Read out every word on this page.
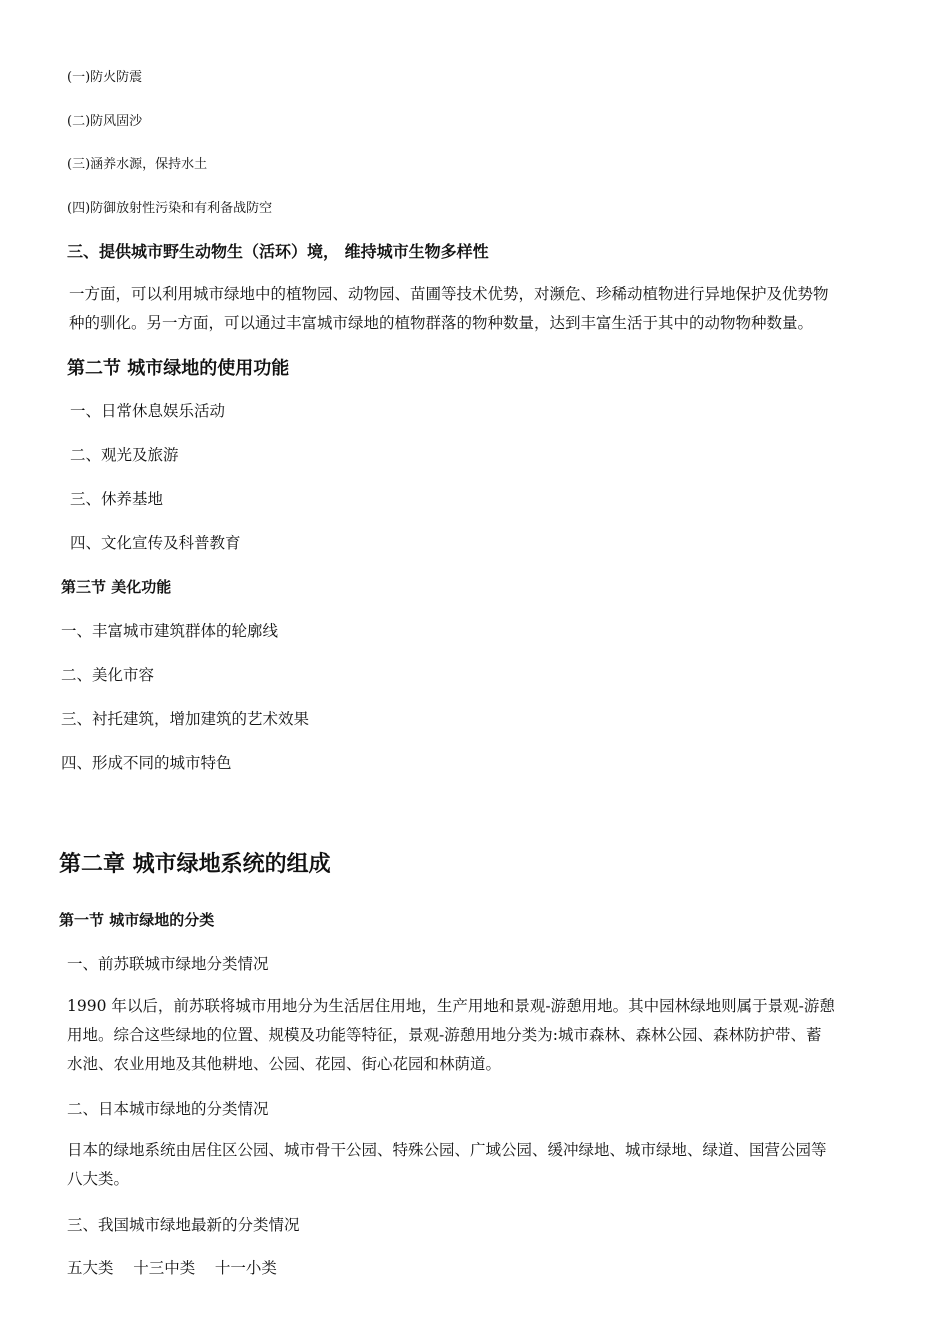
(一)防火防震
(二)防风固沙
(三)涵养水源，保持水土
(四)防御放射性污染和有利备战防空
三、提供城市野生动物生（活环）境， 维持城市生物多样性
一方面，可以利用城市绿地中的植物园、动物园、苗圃等技术优势，对濒危、珍稀动植物进行异地保护及优势物
种的驯化。另一方面，可以通过丰富城市绿地的植物群落的物种数量，达到丰富生活于其中的动物物种数量。
第二节 城市绿地的使用功能
一、日常休息娱乐活动
二、观光及旅游
三、休养基地
四、文化宣传及科普教育
第三节 美化功能
一、丰富城市建筑群体的轮廓线
二、美化市容
三、衬托建筑，增加建筑的艺术效果
四、形成不同的城市特色
第二章 城市绿地系统的组成
第一节 城市绿地的分类
一、前苏联城市绿地分类情况
1990 年以后，前苏联将城市用地分为生活居住用地，生产用地和景观-游憩用地。其中园林绿地则属于景观-游憩
用地。综合这些绿地的位置、规模及功能等特征，景观-游憩用地分类为:城市森林、森林公园、森林防护带、蓄
水池、农业用地及其他耕地、公园、花园、街心花园和林荫道。
二、日本城市绿地的分类情况
日本的绿地系统由居住区公园、城市骨干公园、特殊公园、广域公园、缓冲绿地、城市绿地、绿道、国营公园等
八大类。
三、我国城市绿地最新的分类情况
五大类    十三中类    十一小类
